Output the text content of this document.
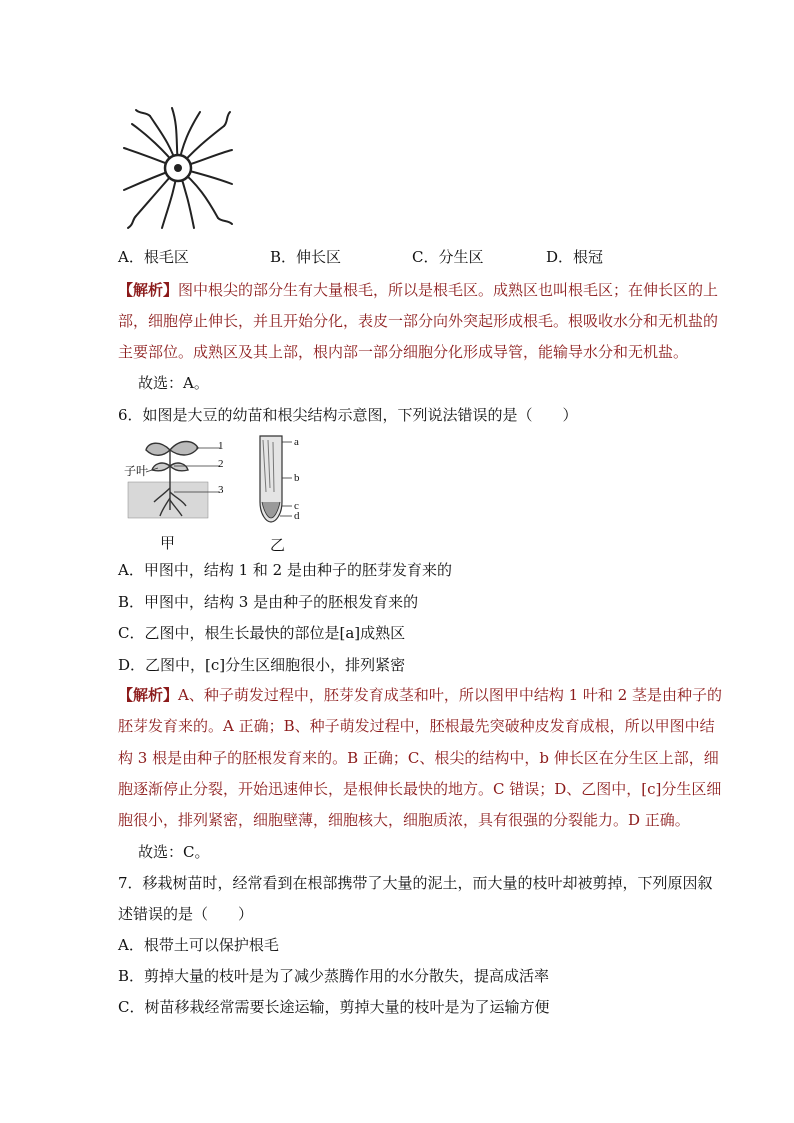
A．根毛区	B．伸长区	C．分生区	D．根冠
【解析】图中根尖的部分生有大量根毛，所以是根毛区。成熟区也叫根毛区；在伸长区的上
部，细胞停止伸长，并且开始分化，表皮一部分向外突起形成根毛。根吸收水分和无机盐的
主要部位。成熟区及其上部，根内部一部分细胞分化形成导管，能输导水分和无机盐。
故选：A。
6．如图是大豆的幼苗和根尖结构示意图，下列说法错误的是（　　）
1
2
3
子叶
甲
a
b
c
d
乙
A．甲图中，结构 1 和 2 是由种子的胚芽发育来的
B．甲图中，结构 3 是由种子的胚根发育来的
C．乙图中，根生长最快的部位是[a]成熟区
D．乙图中，[c]分生区细胞很小，排列紧密
【解析】A、种子萌发过程中，胚芽发育成茎和叶，所以图甲中结构 1 叶和 2 茎是由种子的
胚芽发育来的。A 正确；B、种子萌发过程中，胚根最先突破种皮发育成根，所以甲图中结
构 3 根是由种子的胚根发育来的。B 正确；C、根尖的结构中，b 伸长区在分生区上部，细
胞逐渐停止分裂，开始迅速伸长，是根伸长最快的地方。C 错误；D、乙图中，[c]分生区细
胞很小，排列紧密，细胞壁薄，细胞核大，细胞质浓，具有很强的分裂能力。D 正确。
故选：C。
7．移栽树苗时，经常看到在根部携带了大量的泥土，而大量的枝叶却被剪掉，下列原因叙
述错误的是（　　）
A．根带土可以保护根毛
B．剪掉大量的枝叶是为了减少蒸腾作用的水分散失，提高成活率
C．树苗移栽经常需要长途运输，剪掉大量的枝叶是为了运输方便
